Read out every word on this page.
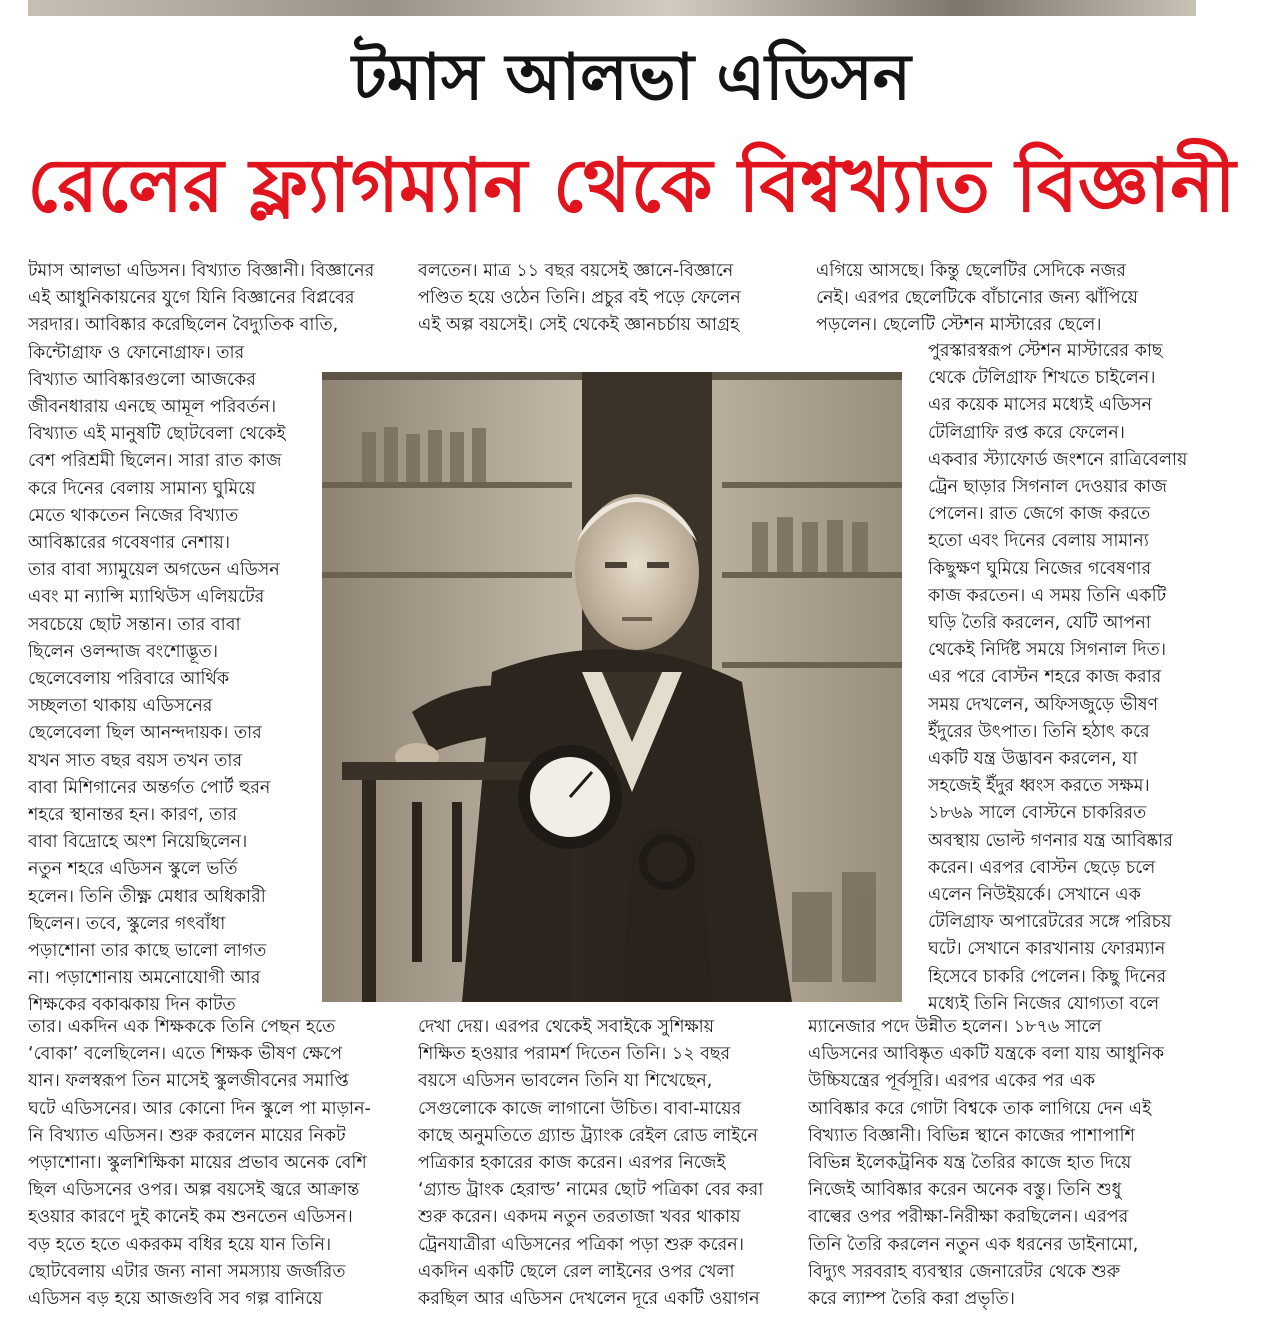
টমাস আলভা এডিসন
রেলের ফ্ল্যাগম্যান থেকে বিশ্বখ্যাত বিজ্ঞানী

টমাস আলভা এডিসন। বিখ্যাত বিজ্ঞানী। বিজ্ঞানের
এই আধুনিকায়নের যুগে যিনি বিজ্ঞানের বিপ্লবের
সরদার। আবিষ্কার করেছিলেন বৈদ্যুতিক বাতি,
কিন্টোগ্রাফ ও ফোনোগ্রাফ। তার
বিখ্যাত আবিষ্কারগুলো আজকের
জীবনধারায় এনছে আমূল পরিবর্তন।
বিখ্যাত এই মানুষটি ছোটবেলা থেকেই
বেশ পরিশ্রমী ছিলেন। সারা রাত কাজ
করে দিনের বেলায় সামান্য ঘুমিয়ে
মেতে থাকতেন নিজের বিখ্যাত
আবিষ্কারের গবেষণার নেশায়।
তার বাবা স্যামুয়েল অগডেন এডিসন
এবং মা ন্যান্সি ম্যাথিউস এলিয়টের
সবচেয়ে ছোট সন্তান। তার বাবা
ছিলেন ওলন্দাজ বংশোদ্ভূত।
ছেলেবেলায় পরিবারে আর্থিক
সচ্ছলতা থাকায় এডিসনের
ছেলেবেলা ছিল আনন্দদায়ক। তার
যখন সাত বছর বয়স তখন তার
বাবা মিশিগানের অন্তর্গত পোর্ট হুরন
শহরে স্থানান্তর হন। কারণ, তার
বাবা বিদ্রোহে অংশ নিয়েছিলেন।
নতুন শহরে এডিসন স্কুলে ভর্তি
হলেন। তিনি তীক্ষ্ণ মেধার অধিকারী
ছিলেন। তবে, স্কুলের গৎবাঁধা
পড়াশোনা তার কাছে ভালো লাগত
না। পড়াশোনায় অমনোযোগী আর
শিক্ষকের বকাঝকায় দিন কাটত

তার। একদিন এক শিক্ষককে তিনি পেছন হতে
‘বোকা’ বলেছিলেন। এতে শিক্ষক ভীষণ ক্ষেপে
যান। ফলস্বরূপ তিন মাসেই স্কুলজীবনের সমাপ্তি
ঘটে এডিসনের। আর কোনো দিন স্কুলে পা মাড়ান-
নি বিখ্যাত এডিসন। শুরু করলেন মায়ের নিকট
পড়াশোনা। স্কুলশিক্ষিকা মায়ের প্রভাব অনেক বেশি
ছিল এডিসনের ওপর। অল্প বয়সেই জ্বরে আক্রান্ত
হওয়ার কারণে দুই কানেই কম শুনতেন এডিসন।
বড় হতে হতে একরকম বধির হয়ে যান তিনি।
ছোটবেলায় এটার জন্য নানা সমস্যায় জর্জরিত
এডিসন বড় হয়ে আজগুবি সব গল্প বানিয়ে

বলতেন। মাত্র ১১ বছর বয়সেই জ্ঞানে-বিজ্ঞানে
পণ্ডিত হয়ে ওঠেন তিনি। প্রচুর বই পড়ে ফেলেন
এই অল্প বয়সেই। সেই থেকেই জ্ঞানচর্চায় আগ্রহ

দেখা দেয়। এরপর থেকেই সবাইকে সুশিক্ষায়
শিক্ষিত হওয়ার পরামর্শ দিতেন তিনি। ১২ বছর
বয়সে এডিসন ভাবলেন তিনি যা শিখেছেন,
সেগুলোকে কাজে লাগানো উচিত। বাবা-মায়ের
কাছে অনুমতিতে গ্র্যান্ড ট্র্যাংক রেইল রোড লাইনে
পত্রিকার হকারের কাজ করেন। এরপর নিজেই
‘গ্র্যান্ড ট্রাংক হেরাল্ড’ নামের ছোট পত্রিকা বের করা
শুরু করেন। একদম নতুন তরতাজা খবর থাকায়
ট্রেনযাত্রীরা এডিসনের পত্রিকা পড়া শুরু করেন।
একদিন একটি ছেলে রেল লাইনের ওপর খেলা
করছিল আর এডিসন দেখলেন দূরে একটি ওয়াগন

এগিয়ে আসছে। কিন্তু ছেলেটির সেদিকে নজর
নেই। এরপর ছেলেটিকে বাঁচানোর জন্য ঝাঁপিয়ে
পড়লেন। ছেলেটি স্টেশন মাস্টারের ছেলে।

পুরস্কারস্বরূপ স্টেশন মাস্টারের কাছ
থেকে টেলিগ্রাফ শিখতে চাইলেন।
এর কয়েক মাসের মধ্যেই এডিসন
টেলিগ্রাফি রপ্ত করে ফেলেন।
একবার স্ট্যাফোর্ড জংশনে রাত্রিবেলায়
ট্রেন ছাড়ার সিগনাল দেওয়ার কাজ
পেলেন। রাত জেগে কাজ করতে
হতো এবং দিনের বেলায় সামান্য
কিছুক্ষণ ঘুমিয়ে নিজের গবেষণার
কাজ করতেন। এ সময় তিনি একটি
ঘড়ি তৈরি করলেন, যেটি আপনা
থেকেই নির্দিষ্ট সময়ে সিগনাল দিত।
এর পরে বোস্টন শহরে কাজ করার
সময় দেখলেন, অফিসজুড়ে ভীষণ
ইঁদুরের উৎপাত। তিনি হঠাৎ করে
একটি যন্ত্র উদ্ভাবন করলেন, যা
সহজেই ইঁদুর ধ্বংস করতে সক্ষম।
১৮৬৯ সালে বোস্টনে চাকরিরত
অবস্থায় ভোল্ট গণনার যন্ত্র আবিষ্কার
করেন। এরপর বোস্টন ছেড়ে চলে
এলেন নিউইয়র্কে। সেখানে এক
টেলিগ্রাফ অপারেটরের সঙ্গে পরিচয়
ঘটে। সেখানে কারখানায় ফোরম্যান
হিসেবে চাকরি পেলেন। কিছু দিনের
মধ্যেই তিনি নিজের যোগ্যতা বলে

ম্যানেজার পদে উন্নীত হলেন। ১৮৭৬ সালে
এডিসনের আবিষ্কৃত একটি যন্ত্রকে বলা যায় আধুনিক
উচ্চিযন্ত্রের পূর্বসূরি। এরপর একের পর এক
আবিষ্কার করে গোটা বিশ্বকে তাক লাগিয়ে দেন এই
বিখ্যাত বিজ্ঞানী। বিভিন্ন স্থানে কাজের পাশাপাশি
বিভিন্ন ইলেকট্রনিক যন্ত্র তৈরির কাজে হাত দিয়ে
নিজেই আবিষ্কার করেন অনেক বস্তু। তিনি শুধু
বাল্বের ওপর পরীক্ষা-নিরীক্ষা করছিলেন। এরপর
তিনি তৈরি করলেন নতুন এক ধরনের ডাইনামো,
বিদ্যুৎ সরবরাহ ব্যবস্থার জেনারেটর থেকে শুরু
করে ল্যাম্প তৈরি করা প্রভৃতি।
